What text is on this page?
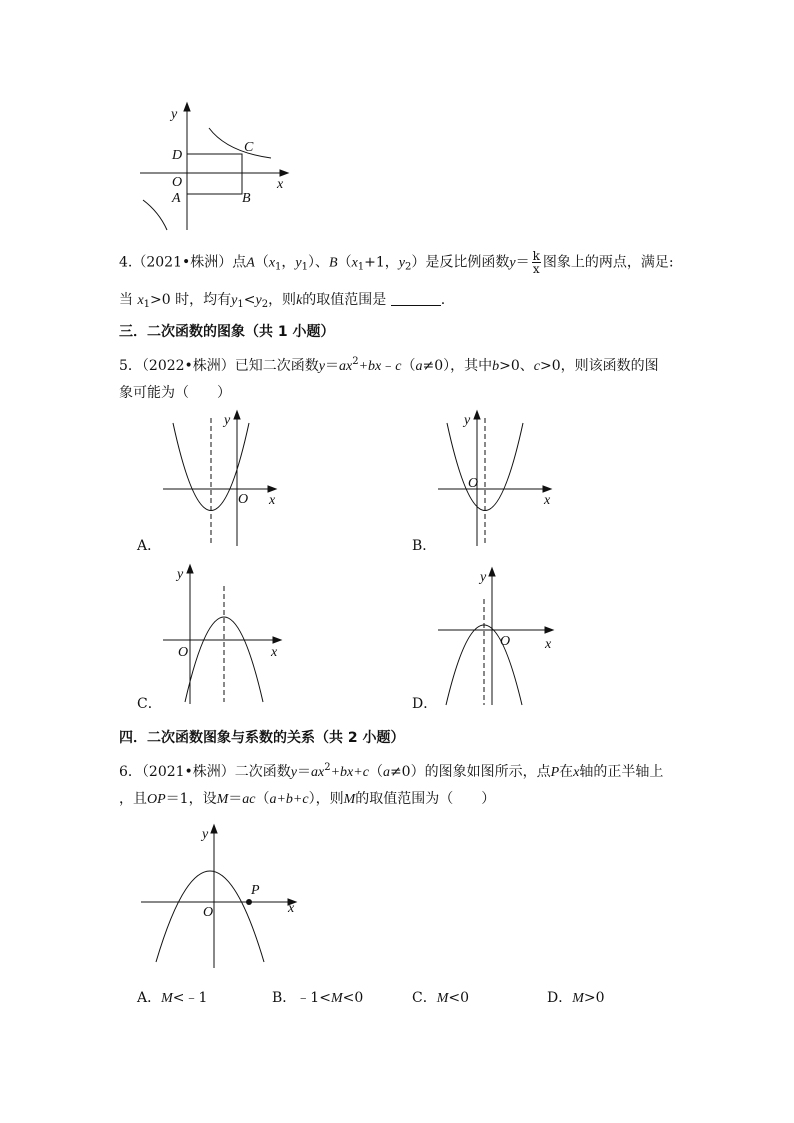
y
x
C
D
O
A	B
4.（2021•株洲）点$A(x_1$，$y_1$）、$B(x_1+1$，$y_2$）是反比例函数$y= \frac{k}{x}$ 图象上的两点，满足:
当 $x_1>0$ 时，均有$y_1<y_2$，则k的取值范围是	.
三．二次函数的图象（共 1 小题）
5．（2022•株洲）已知二次函数$y=ax^2+bx﹣c(a\ne 0)$，其中b>0、c>0，则该函数的图
象可能为（　　）
y
x
O
A．
y
x
O
B．
y
x
O
C．
y
x
O
D．
四．二次函数图象与系数的关系（共 2 小题）
6．（2021•株洲）二次函数$y=ax^2+bx+c(a\ne 0)$的图象如图所示，点P在x轴的正半轴上
，且OP＝1，设M＝ac（a+b+c），则M的取值范围为（　　）
y
x
O
P
A．M<﹣1	B．﹣1<M<0	C．M<0	D．M>0
